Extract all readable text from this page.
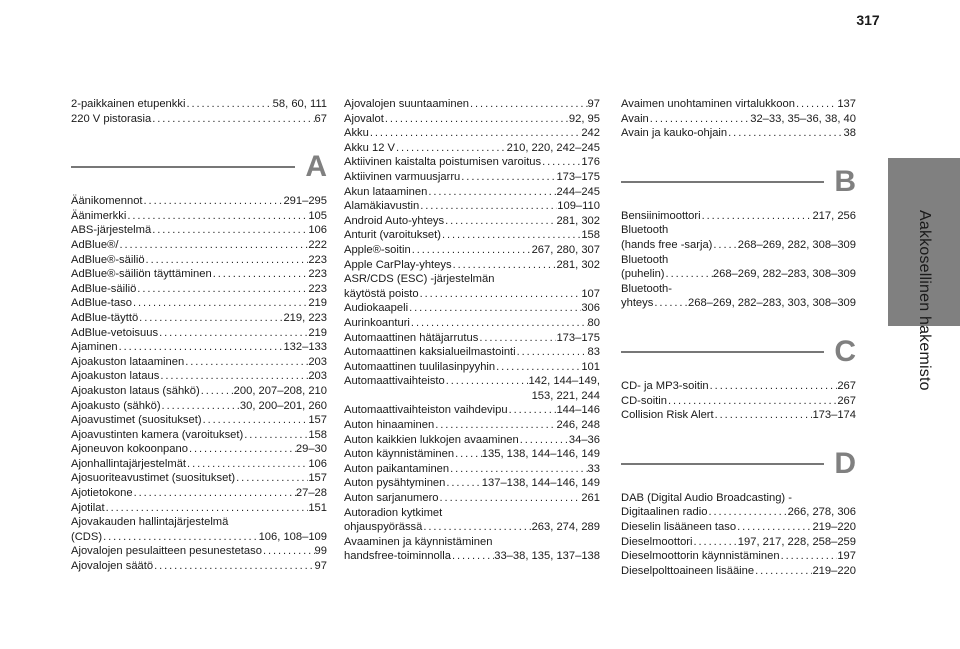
317
Aakkosellinen hakemisto
2-paikkainen etupenkki . . .	58, 60, 111
220 V pistorasia . . .	67
A
Äänikomennot . . .	291–295
Äänimerkki . . .	105
ABS-järjestelmä . . .	106
AdBlue®/ . . .	222
AdBlue®-säiliö . . .	223
AdBlue®-säiliön täyttäminen . . .	223
AdBlue-säiliö . . .	223
AdBlue-taso . . .	219
AdBlue-täyttö . . .	219, 223
AdBlue-vetoisuus . . .	219
Ajaminen . . .	132–133
Ajoakuston lataaminen . . .	203
Ajoakuston lataus . . .	203
Ajoakuston lataus (sähkö) . . .	200, 207–208, 210
Ajoakusto (sähkö) . . .	30, 200–201, 260
Ajoavustimet (suositukset) . . .	157
Ajoavustinten kamera (varoitukset) . . .	158
Ajoneuvon kokoonpano . . .	29–30
Ajonhallintajärjestelmät . . .	106
Ajosuoriteavustimet (suositukset) . . .	157
Ajotietokone . . .	27–28
Ajotilat . . .	151
Ajovakauden hallintajärjestelmä
(CDS) . . .	106, 108–109
Ajovalojen pesulaitteen pesunestetaso . . .	99
Ajovalojen säätö . . .	97
Ajovalojen suuntaaminen . . .	97
Ajovalot . . .	92, 95
Akku . . .	242
Akku 12 V . . .	210, 220, 242–245
Aktiivinen kaistalta poistumisen varoitus . . .	176
Aktiivinen varmuusjarru . . .	173–175
Akun lataaminen . . .	244–245
Alamäkiavustin . . .	109–110
Android Auto-yhteys . . .	281, 302
Anturit (varoitukset) . . .	158
Apple®-soitin . . .	267, 280, 307
Apple CarPlay-yhteys . . .	281, 302
ASR/CDS (ESC) -järjestelmän
käytöstä poisto . . .	107
Audiokaapeli . . .	306
Aurinkoanturi . . .	80
Automaattinen hätäjarrutus . . .	173–175
Automaattinen kaksialueilmastointi . . .	83
Automaattinen tuulilasinpyyhin . . .	101
Automaattivaihteisto . . .	142, 144–149,
153, 221, 244
Automaattivaihteiston vaihdevipu . . .	144–146
Auton hinaaminen . . .	246, 248
Auton kaikkien lukkojen avaaminen . . .	34–36
Auton käynnistäminen . . . 135, 138, 144–146, 149
Auton paikantaminen . . .	33
Auton pysähtyminen . . .	137–138, 144–146, 149
Auton sarjanumero . . .	261
Autoradion kytkimet
ohjauspyörässä . . .	263, 274, 289
Avaaminen ja käynnistäminen
handsfree-toiminnolla . . .	33–38, 135, 137–138
Avaimen unohtaminen virtalukkoon . . .	137
Avain . . .	32–33, 35–36, 38, 40
Avain ja kauko-ohjain . . .	38
B
Bensiinimoottori . . .	217, 256
Bluetooth
(hands free -sarja) . . . 268–269, 282, 308–309
Bluetooth
(puhelin) . . .	268–269, 282–283, 308–309
Bluetooth-
yhteys . . .	268–269, 282–283, 303, 308–309
C
CD- ja MP3-soitin . . .	267
CD-soitin . . .	267
Collision Risk Alert . . .	173–174
D
DAB (Digital Audio Broadcasting) -
Digitaalinen radio . . .	266, 278, 306
Dieselin lisääneen taso . . .	219–220
Dieselmoottori . . .	197, 217, 228, 258–259
Dieselmoottorin käynnistäminen . . .	197
Dieselpolttoaineen lisääine . . .	219–220
